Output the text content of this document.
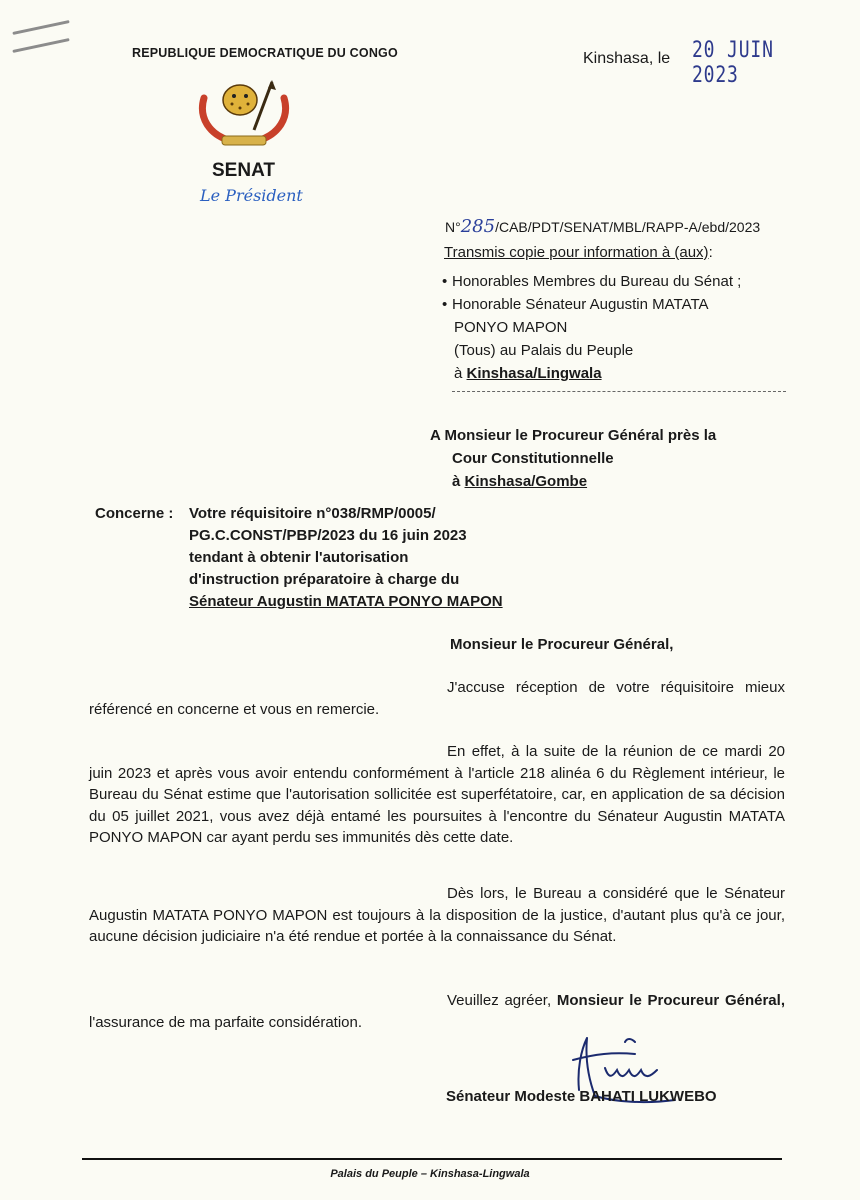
REPUBLIQUE DEMOCRATIQUE DU CONGO
SENAT
Le Président
Kinshasa, le 20 JUIN 2023
N°285/CAB/PDT/SENAT/MBL/RAPP-A/ebd/2023
Transmis copie pour information à (aux):
• Honorables Membres du Bureau du Sénat ;
• Honorable Sénateur Augustin MATATA
PONYO MAPON
(Tous) au Palais du Peuple
à Kinshasa/Lingwala
A Monsieur le Procureur Général près la
Cour Constitutionnelle
à Kinshasa/Gombe
Concerne : Votre réquisitoire n°038/RMP/0005/
PG.C.CONST/PBP/2023 du 16 juin 2023
tendant à obtenir l'autorisation
d'instruction préparatoire à charge du
Sénateur Augustin MATATA PONYO MAPON
Monsieur le Procureur Général,

J'accuse réception de votre réquisitoire mieux référencé en concerne et vous en remercie.

En effet, à la suite de la réunion de ce mardi 20 juin 2023 et après vous avoir entendu conformément à l'article 218 alinéa 6 du Règlement intérieur, le Bureau du Sénat estime que l'autorisation sollicitée est superfétatoire, car, en application de sa décision du 05 juillet 2021, vous avez déjà entamé les poursuites à l'encontre du Sénateur Augustin MATATA PONYO MAPON car ayant perdu ses immunités dès cette date.

Dès lors, le Bureau a considéré que le Sénateur Augustin MATATA PONYO MAPON est toujours à la disposition de la justice, d'autant plus qu'à ce jour, aucune décision judiciaire n'a été rendue et portée à la connaissance du Sénat.

Veuillez agréer, Monsieur le Procureur Général, l'assurance de ma parfaite considération.

Sénateur Modeste BAHATI LUKWEBO
Palais du Peuple – Kinshasa-Lingwala
